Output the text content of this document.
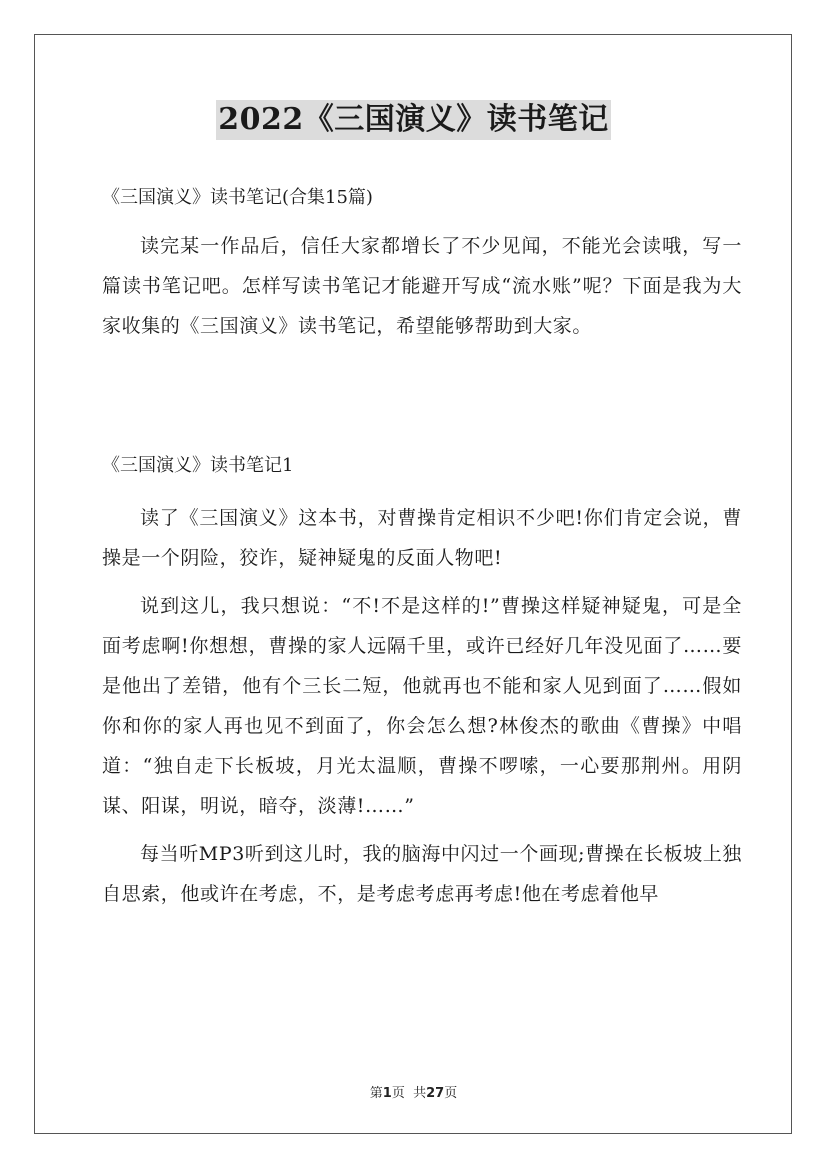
2022《三国演义》读书笔记
《三国演义》读书笔记(合集15篇)

读完某一作品后，信任大家都增长了不少见闻，不能光会读哦，写一篇读书笔记吧。怎样写读书笔记才能避开写成“流水账”呢？下面是我为大家收集的《三国演义》读书笔记，希望能够帮助到大家。

《三国演义》读书笔记1

读了《三国演义》这本书，对曹操肯定相识不少吧!你们肯定会说，曹操是一个阴险，狡诈，疑神疑鬼的反面人物吧!

说到这儿，我只想说：“不!不是这样的!”曹操这样疑神疑鬼，可是全面考虑啊!你想想，曹操的家人远隔千里，或许已经好几年没见面了……要是他出了差错，他有个三长二短，他就再也不能和家人见到面了……假如你和你的家人再也见不到面了，你会怎么想?林俊杰的歌曲《曹操》中唱道：“独自走下长板坡，月光太温顺，曹操不啰嗦，一心要那荆州。用阴谋、阳谋，明说，暗夺，淡薄!……”

每当听MP3听到这儿时，我的脑海中闪过一个画现;曹操在长板坡上独自思索，他或许在考虑，不，是考虑考虑再考虑!他在考虑着他早

第1页  共27页
